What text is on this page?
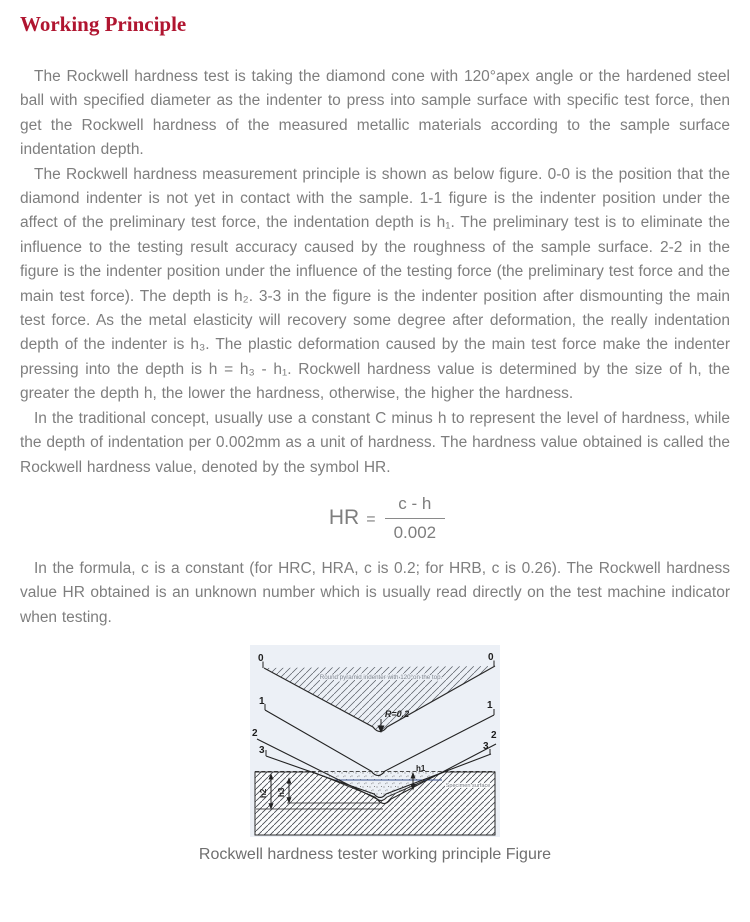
Working Principle

The Rockwell hardness test is taking the diamond cone with 120°apex angle or the hardened steel ball with specified diameter as the indenter to press into sample surface with specific test force, then get the Rockwell hardness of the measured metallic materials according to the sample surface indentation depth.

The Rockwell hardness measurement principle is shown as below figure. 0-0 is the position that the diamond indenter is not yet in contact with the sample. 1-1 figure is the indenter position under the affect of the preliminary test force, the indentation depth is h₁. The preliminary test is to eliminate the influence to the testing result accuracy caused by the roughness of the sample surface. 2-2 in the figure is the indenter position under the influence of the testing force (the preliminary test force and the main test force). The depth is h₂. 3-3 in the figure is the indenter position after dismounting the main test force. As the metal elasticity will recovery some degree after deformation, the really indentation depth of the indenter is h₃. The plastic deformation caused by the main test force make the indenter pressing into the depth is h = h₃ - h₁. Rockwell hardness value is determined by the size of h, the greater the depth h, the lower the hardness, otherwise, the higher the hardness.

In the traditional concept, usually use a constant C minus h to represent the level of hardness, while the depth of indentation per 0.002mm as a unit of hardness. The hardness value obtained is called the Rockwell hardness value, denoted by the symbol HR.

HR = $\frac{c - h}{0.002}$

In the formula, c is a constant (for HRC, HRA, c is 0.2; for HRB, c is 0.26). The Rockwell hardness value HR obtained is an unknown number which is usually read directly on the test machine indicator when testing.

Round pyramid indenter with 120°on the top.
R=0.2
0
1
2
3
0
1
2
3
h1
h2 h3
Specimen surface
Rockwell hardness tester working principle Figure
